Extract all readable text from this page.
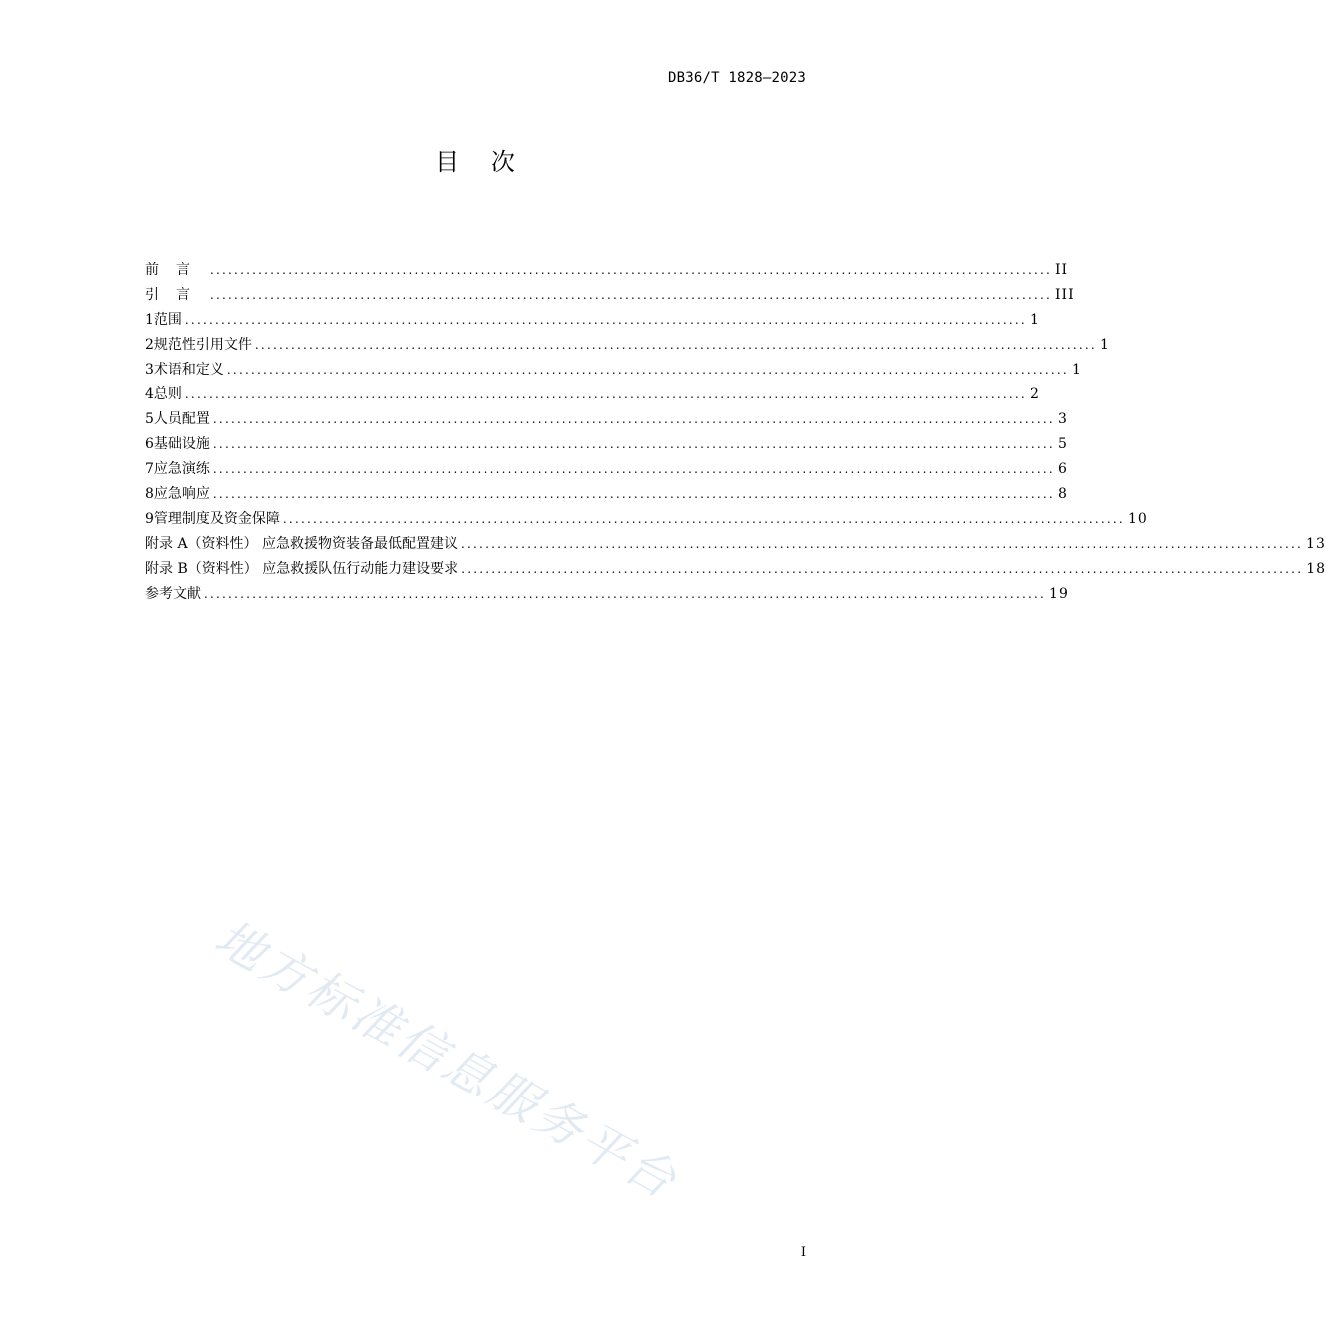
DB36/T 1828—2023
目 次
前言 ............................................................................................................................................ II
引言 ............................................................................................................................................ III
1 范围 ............................................................................................................................................ 1
2 规范性引用文件 ............................................................................................................................................ 1
3 术语和定义 ............................................................................................................................................ 1
4 总则 ............................................................................................................................................ 2
5 人员配置 ............................................................................................................................................ 3
6 基础设施 ............................................................................................................................................ 5
7 应急演练 ............................................................................................................................................ 6
8 应急响应 ............................................................................................................................................ 8
9 管理制度及资金保障 ............................................................................................................................................ 10
附录 A（资料性） 应急救援物资装备最低配置建议 ............................................................................................................................................ 13
附录 B（资料性） 应急救援队伍行动能力建设要求 ............................................................................................................................................ 18
参考文献 ............................................................................................................................................ 19
地方标准信息服务平台
I
